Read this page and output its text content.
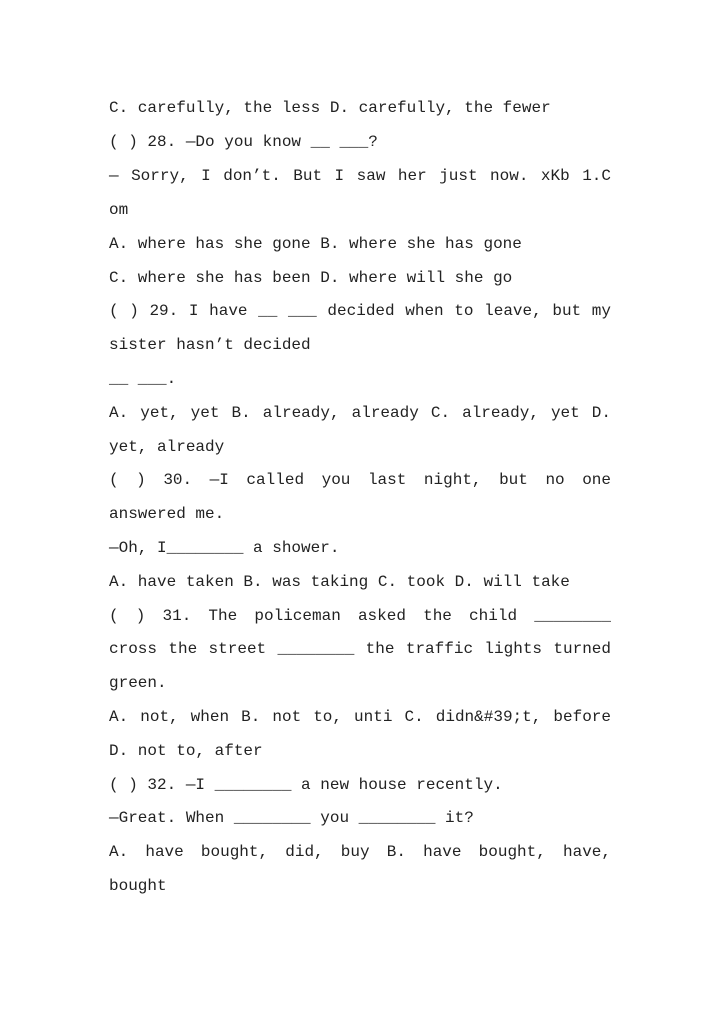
C. carefully, the less D. carefully, the fewer
( ) 28. —Do you know __ ___?
— Sorry, I don’t. But I saw her just now. xKb 1.C
om
A. where has she gone B. where she has gone
C. where she has been D. where will she go
( ) 29. I have __ ___ decided when to leave, but my
sister hasn’t decided
__ ___.
A. yet, yet B. already, already C. already, yet D.
yet, already
( ) 30. —I called you last night, but no one
answered me.
—Oh, I________ a shower.
A. have taken B. was taking C. took D. will take
( ) 31. The policeman asked the child ________
cross the street ________ the traffic lights turned
green.
A. not, when B. not to, unti C. didn&#39;t, before
D. not to, after
( ) 32. —I ________ a new house recently.
—Great. When ________ you ________ it?
A. have bought, did, buy B. have bought, have,
bought
